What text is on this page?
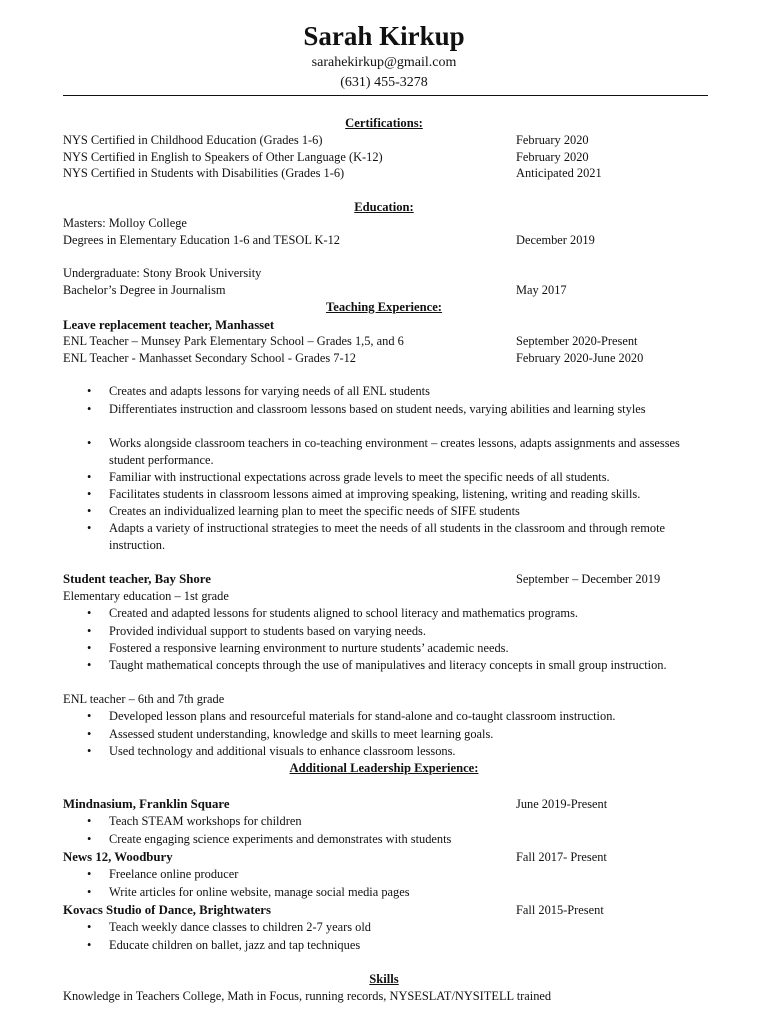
Sarah Kirkup
sarahekirkup@gmail.com
(631) 455-3278
Certifications:
NYS Certified in Childhood Education (Grades 1-6)	February 2020
NYS Certified in English to Speakers of Other Language (K-12)	February 2020
NYS Certified in Students with Disabilities (Grades 1-6)	Anticipated 2021
Education:
Masters: Molloy College
Degrees in Elementary Education 1-6 and TESOL K-12	December 2019
Undergraduate: Stony Brook University
Bachelor’s Degree in Journalism	May 2017
Teaching Experience:
Leave replacement teacher, Manhasset
ENL Teacher – Munsey Park Elementary School – Grades 1,5, and 6	September 2020-Present
ENL Teacher - Manhasset Secondary School - Grades 7-12	February 2020-June 2020
• Creates and adapts lessons for varying needs of all ENL students
• Differentiates instruction and classroom lessons based on student needs, varying abilities and learning styles
• Works alongside classroom teachers in co-teaching environment – creates lessons, adapts assignments and assesses student performance.
• Familiar with instructional expectations across grade levels to meet the specific needs of all students.
• Facilitates students in classroom lessons aimed at improving speaking, listening, writing and reading skills.
• Creates an individualized learning plan to meet the specific needs of SIFE students
• Adapts a variety of instructional strategies to meet the needs of all students in the classroom and through remote instruction.
Student teacher, Bay Shore	September – December 2019
Elementary education – 1st grade
• Created and adapted lessons for students aligned to school literacy and mathematics programs.
• Provided individual support to students based on varying needs.
• Fostered a responsive learning environment to nurture students’ academic needs.
• Taught mathematical concepts through the use of manipulatives and literacy concepts in small group instruction.
ENL teacher – 6th and 7th grade
• Developed lesson plans and resourceful materials for stand-alone and co-taught classroom instruction.
• Assessed student understanding, knowledge and skills to meet learning goals.
• Used technology and additional visuals to enhance classroom lessons.
Additional Leadership Experience:
Mindnasium, Franklin Square	June 2019-Present
• Teach STEAM workshops for children
• Create engaging science experiments and demonstrates with students
News 12, Woodbury	Fall 2017- Present
• Freelance online producer
• Write articles for online website, manage social media pages
Kovacs Studio of Dance, Brightwaters	Fall 2015-Present
• Teach weekly dance classes to children 2-7 years old
• Educate children on ballet, jazz and tap techniques
Skills
Knowledge in Teachers College, Math in Focus, running records, NYSESLAT/NYSITELL trained
